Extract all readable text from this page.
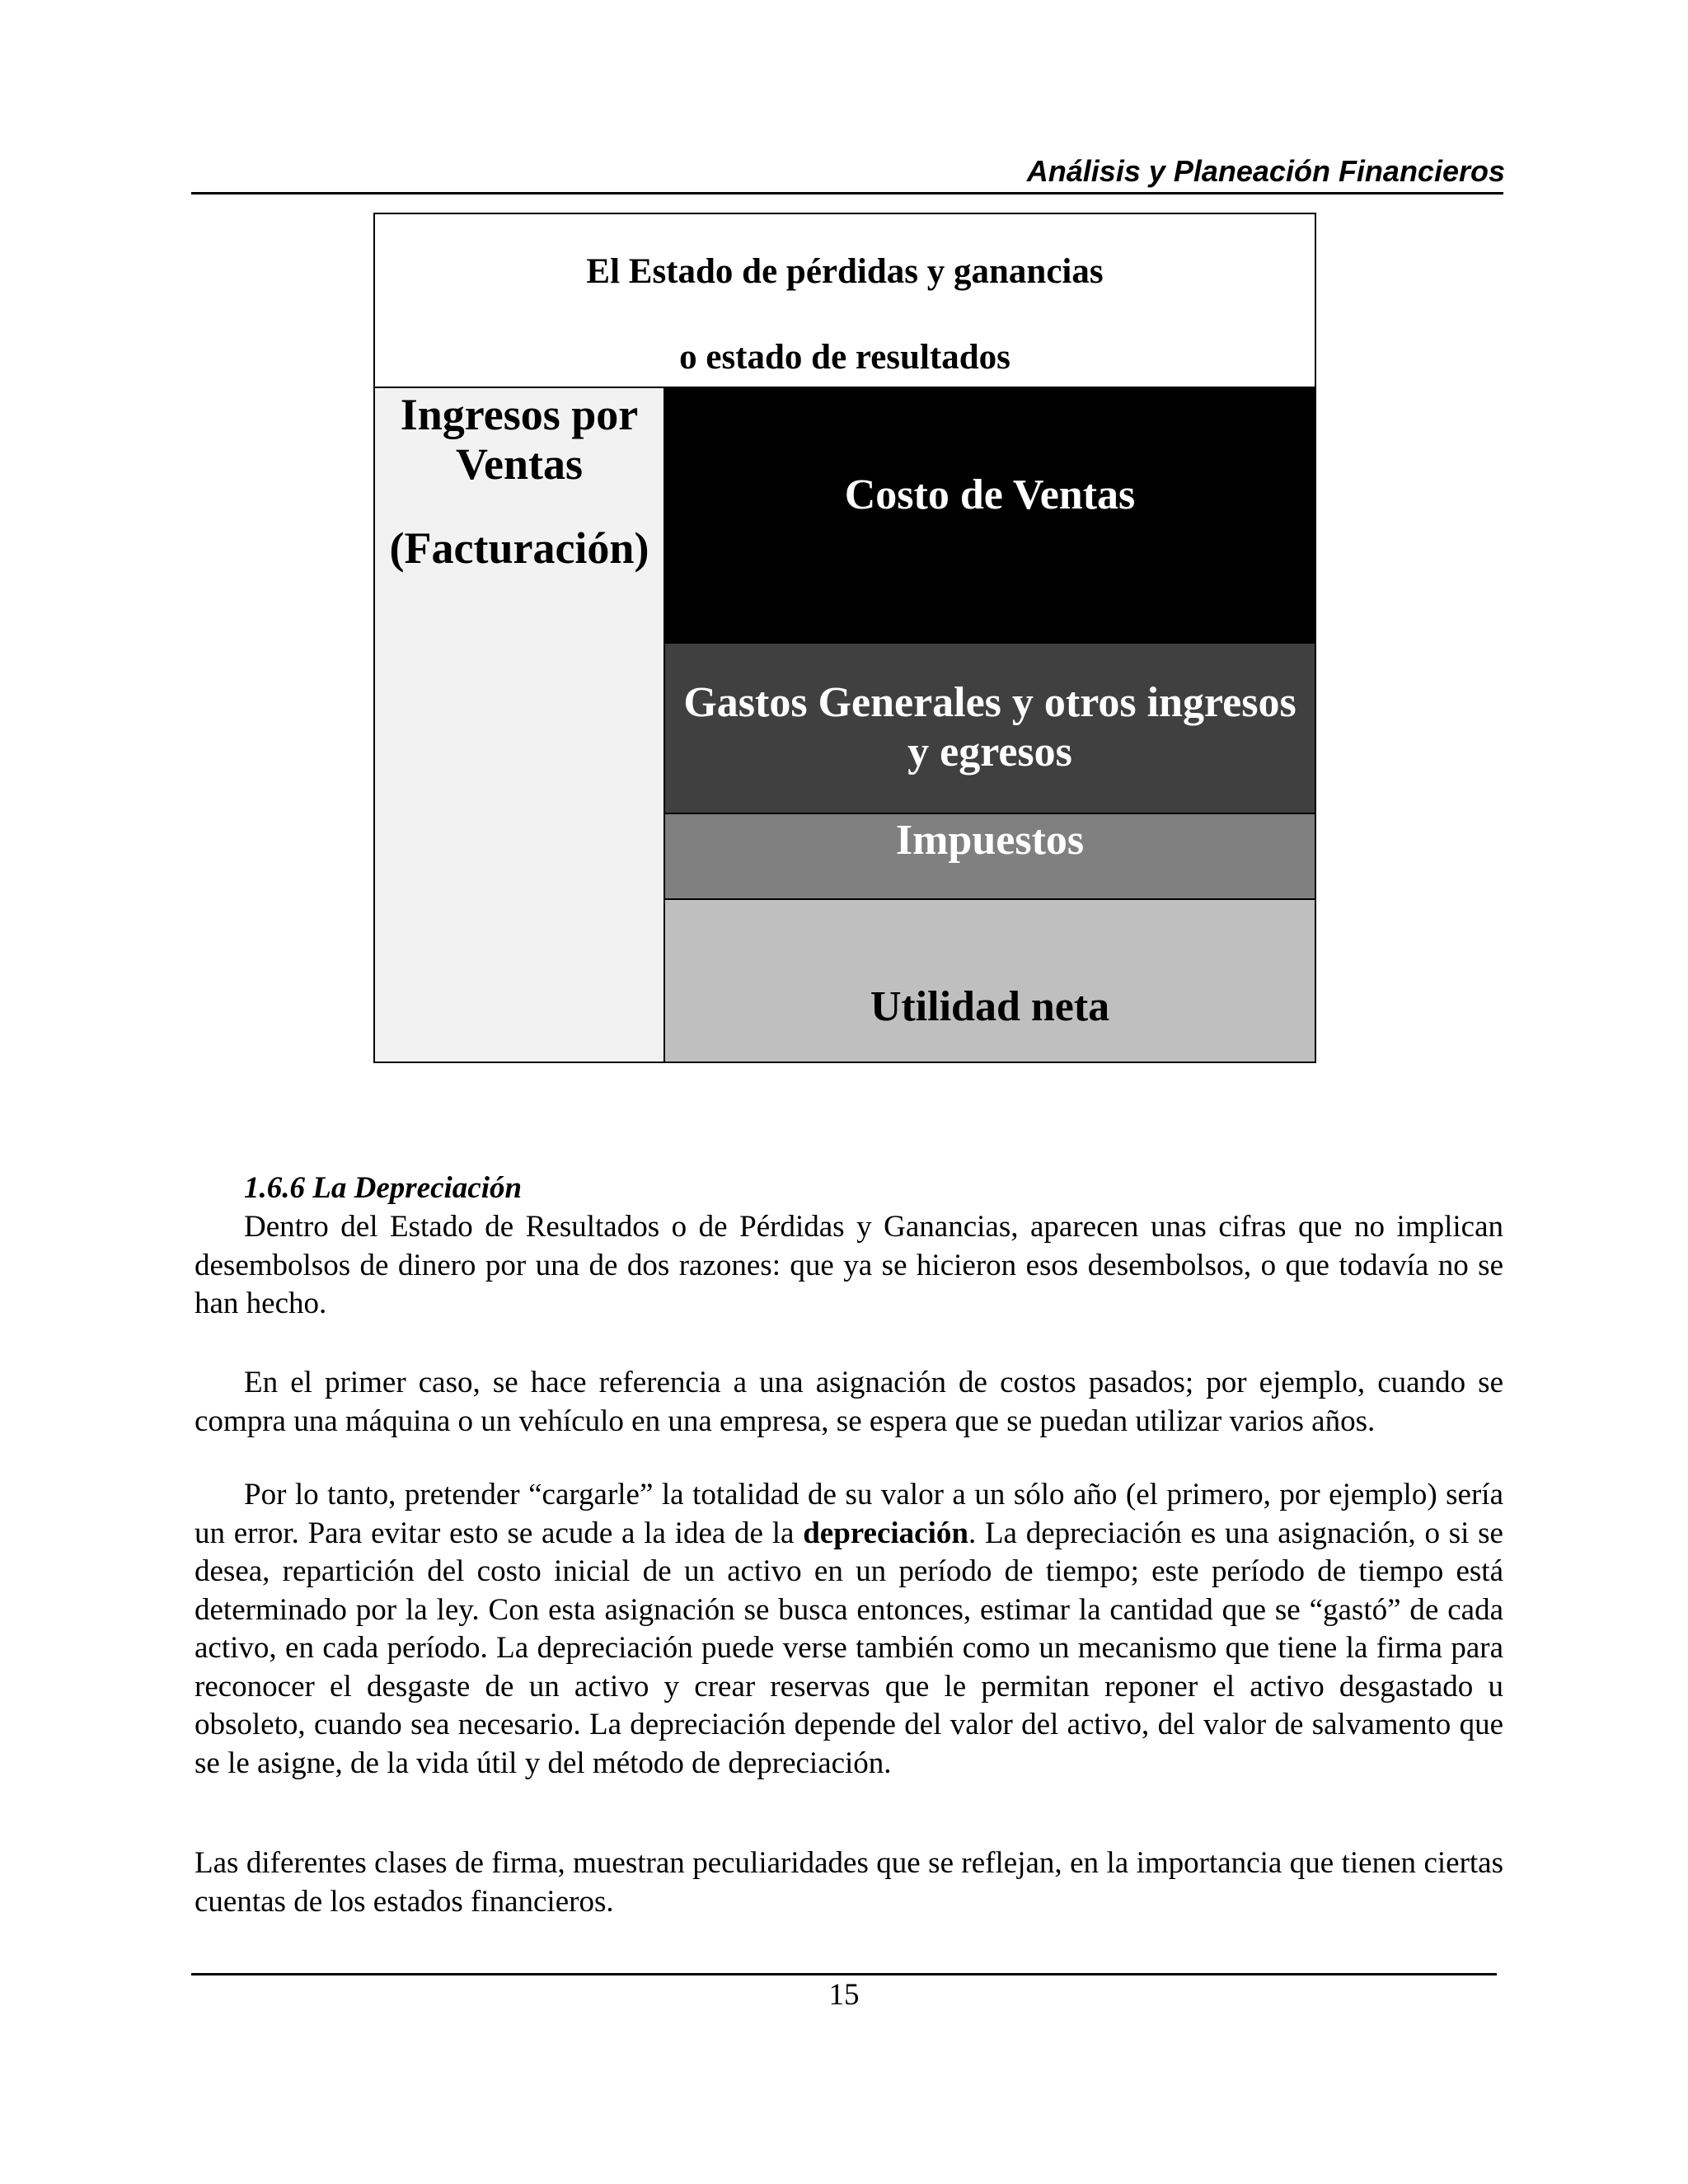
Análisis y Planeación Financieros
El Estado de pérdidas y ganancias
o estado de resultados
Ingresos por
Ventas
(Facturación)
Costo de Ventas
Gastos Generales y otros ingresos y egresos
Impuestos
Utilidad neta
1.6.6 La Depreciación

Dentro del Estado de Resultados o de Pérdidas y Ganancias, aparecen unas cifras que no implican desembolsos de dinero por una de dos razones: que ya se hicieron esos desembolsos, o que todavía no se han hecho.

En el primer caso, se hace referencia a una asignación de costos pasados; por ejemplo, cuando se compra una máquina o un vehículo en una empresa, se espera que se puedan utilizar varios años.

Por lo tanto, pretender “cargarle” la totalidad de su valor a un sólo año (el primero, por ejemplo) sería un error. Para evitar esto se acude a la idea de la depreciación. La depreciación es una asignación, o si se desea, repartición del costo inicial de un activo en un período de tiempo; este período de tiempo está determinado por la ley. Con esta asignación se busca entonces, estimar la cantidad que se “gastó” de cada activo, en cada período. La depreciación puede verse también como un mecanismo que tiene la firma para reconocer el desgaste de un activo y crear reservas que le permitan reponer el activo desgastado u obsoleto, cuando sea necesario. La depreciación depende del valor del activo, del valor de salvamento que se le asigne, de la vida útil y del método de depreciación.

Las diferentes clases de firma, muestran peculiaridades que se reflejan, en la importancia que tienen ciertas cuentas de los estados financieros.

15
